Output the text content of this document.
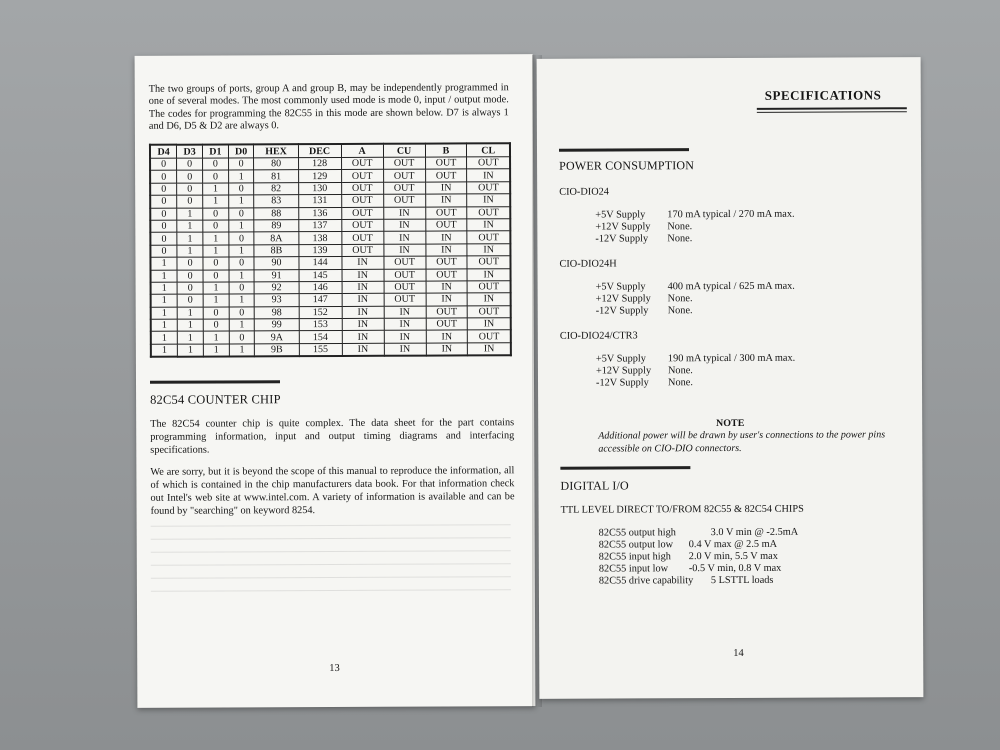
The two groups of ports, group A and group B, may be independently programmed in one of several modes. The most commonly used mode is mode 0, input / output mode. The codes for programming the 82C55 in this mode are shown below. D7 is always 1 and D6, D5 & D2 are always 0.
D4	D3	D1	D0	HEX	DEC	A	CU	B	CL
0	0	0	0	80	128	OUT	OUT	OUT	OUT
0	0	0	1	81	129	OUT	OUT	OUT	IN
0	0	1	0	82	130	OUT	OUT	IN	OUT
0	0	1	1	83	131	OUT	OUT	IN	IN
0	1	0	0	88	136	OUT	IN	OUT	OUT
0	1	0	1	89	137	OUT	IN	OUT	IN
0	1	1	0	8A	138	OUT	IN	IN	OUT
0	1	1	1	8B	139	OUT	IN	IN	IN
1	0	0	0	90	144	IN	OUT	OUT	OUT
1	0	0	1	91	145	IN	OUT	OUT	IN
1	0	1	0	92	146	IN	OUT	IN	OUT
1	0	1	1	93	147	IN	OUT	IN	IN
1	1	0	0	98	152	IN	IN	OUT	OUT
1	1	0	1	99	153	IN	IN	OUT	IN
1	1	1	0	9A	154	IN	IN	IN	OUT
1	1	1	1	9B	155	IN	IN	IN	IN
82C54 COUNTER CHIP
The 82C54 counter chip is quite complex. The data sheet for the part contains programming information, input and output timing diagrams and interfacing specifications.
We are sorry, but it is beyond the scope of this manual to reproduce the information, all of which is contained in the chip manufacturers data book. For that information check out Intel's web site at www.intel.com. A variety of information is available and can be found by "searching" on keyword 8254.
13
SPECIFICATIONS
POWER CONSUMPTION
CIO-DIO24
+5V Supply 170 mA typical / 270 mA max.
+12V Supply None.
-12V Supply None.
CIO-DIO24H
+5V Supply 400 mA typical / 625 mA max.
+12V Supply None.
-12V Supply None.
CIO-DIO24/CTR3
+5V Supply 190 mA typical / 300 mA max.
+12V Supply None.
-12V Supply None.
NOTE
Additional power will be drawn by user's connections to the power pins accessible on CIO-DIO connectors.
DIGITAL I/O
TTL LEVEL DIRECT TO/FROM 82C55 & 82C54 CHIPS
82C55 output high	3.0 V min @ -2.5mA
82C55 output low 0.4 V max @ 2.5 mA
82C55 input high 2.0 V min, 5.5 V max
82C55 input low -0.5 V min, 0.8 V max
82C55 drive capability 5 LSTTL loads
14
